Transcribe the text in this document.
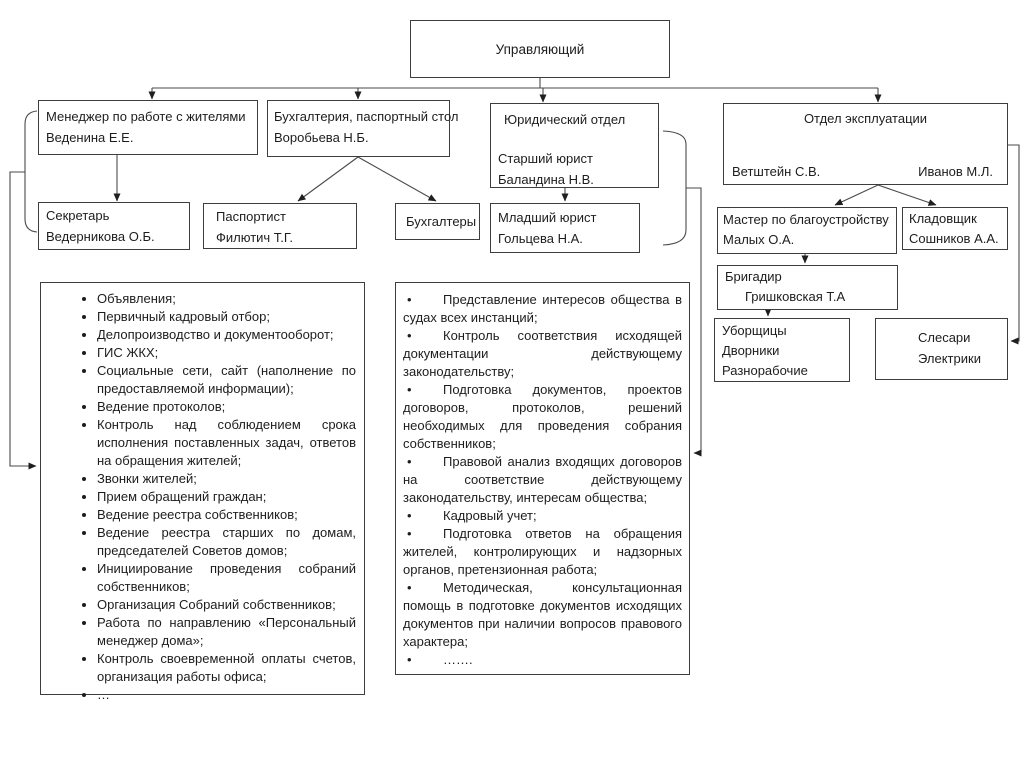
Управляющий
Менеджер по работе с жителями
Веденина Е.Е.
Бухгалтерия, паспортный стол
Воробьева Н.Б.
Юридический отдел
Старший юрист
Баландина Н.В.
Отдел эксплуатации
Ветштейн С.В.	Иванов М.Л.
Секретарь
Ведерникова О.Б.
Паспортист
Филютич Т.Г.
Бухгалтеры Младший юрист
Гольцева Н.А.
Мастер по благоустройству
Малых О.А.
Кладовщик
Сошников А.А.
Бригадир
Гришковская Т.А
Уборщицы
Дворники
Разнорабочие
Слесари
Электрики
• Объявления;
• Первичный кадровый отбор;
• Делопроизводство и документооборот;
• ГИС ЖКХ;
• Социальные сети, сайт (наполнение по предоставляемой информации);
• Ведение протоколов;
• Контроль над соблюдением срока исполнения поставленных задач, ответов на обращения жителей;
• Звонки жителей;
• Прием обращений граждан;
• Ведение реестра собственников;
• Ведение реестра старших по домам, председателей Советов домов;
• Инициирование проведения собраний собственников;
• Организация Собраний собственников;
• Работа по направлению «Персональный менеджер дома»;
• Контроль своевременной оплаты счетов, организация работы офиса;
• …
• Представление интересов общества в судах всех инстанций;
• Контроль соответствия исходящей документации действующему законодательству;
• Подготовка документов, проектов договоров, протоколов, решений необходимых для проведения собрания собственников;
• Правовой анализ входящих договоров на соответствие действующему законодательству, интересам общества;
• Кадровый учет;
• Подготовка ответов на обращения жителей, контролирующих и надзорных органов, претензионная работа;
• Методическая, консультационная помощь в подготовке документов исходящих документов при наличии вопросов правового характера;
• …….
